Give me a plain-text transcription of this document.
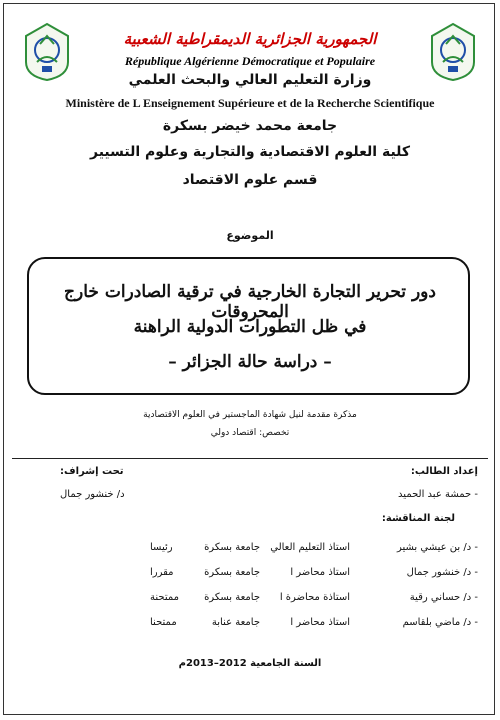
الجمهورية الجزائرية الديمقراطية الشعبية
République Algérienne Démocratique et Populaire
وزارة التعليم العالي والبحث العلمي
Ministère de L Enseignement Supérieure et de la Recherche Scientifique
جامعة محمد خيضر بسكرة
كلية العلوم الاقتصادية والتجارية وعلوم التسيير
قسم علوم الاقتصاد
الموضوع
دور تحرير التجارة الخارجية في ترقية الصادرات خارج المحروقات
في ظل التطورات الدولية الراهنة
– دراسة حالة الجزائر –
مذكرة مقدمة لنيل شهادة الماجستير في العلوم الاقتصادية
تخصص: اقتصاد دولي
إعداد الطالب:
تحت إشراف:
- حمشة عبد الحميد
د/ خنشور جمال
لجنة المناقشة:
- د/ بن عيشي بشير
استاذ التعليم العالي
جامعة بسكرة
رئيسا
- د/ خنشور جمال
استاذ محاضر ا
جامعة بسكرة
مقررا
- د/ حساني رقية
استاذة محاضرة ا
جامعة بسكرة
ممتحنة
- د/ ماضي بلقاسم
استاذ محاضر ا
جامعة عنابة
ممتحنا
السنة الجامعية 2012–2013م
